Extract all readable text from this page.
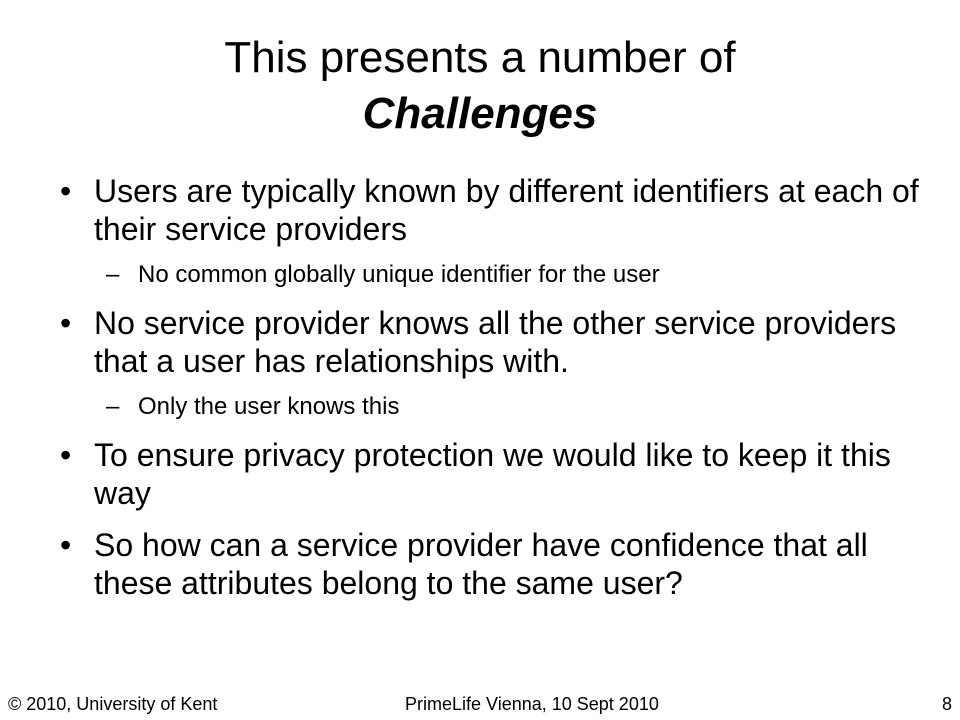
This presents a number of
Challenges
• Users are typically known by different identifiers at each of their service providers
– No common globally unique identifier for the user
• No service provider knows all the other service providers that a user has relationships with.
– Only the user knows this
• To ensure privacy protection we would like to keep it this way
• So how can a service provider have confidence that all these attributes belong to the same user?
© 2010, University of Kent	PrimeLife Vienna, 10 Sept 2010	8
